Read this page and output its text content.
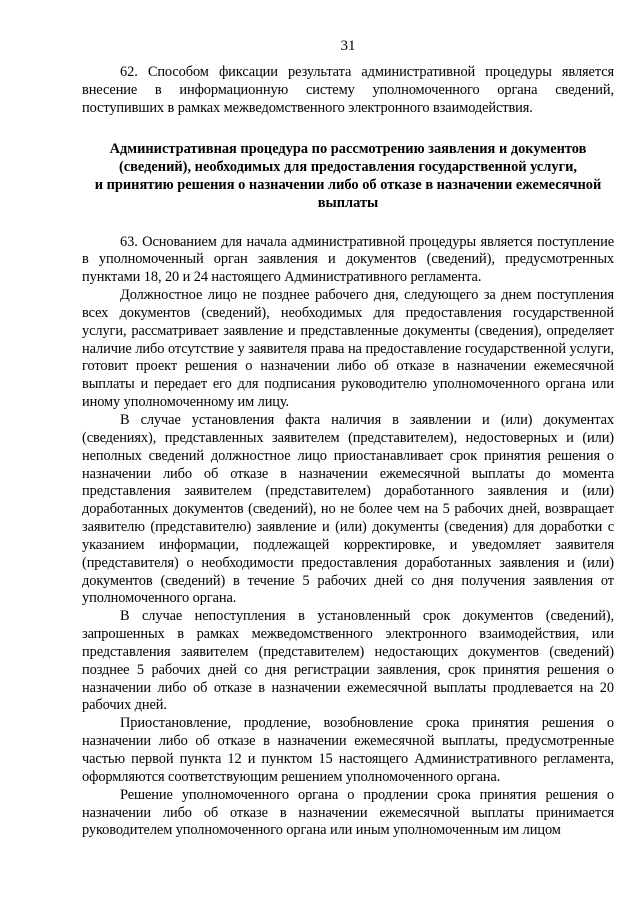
31

62. Способом фиксации результата административной процедуры является внесение в информационную систему уполномоченного органа сведений, поступивших в рамках межведомственного электронного взаимодействия.

Административная процедура по рассмотрению заявления и документов
(сведений), необходимых для предоставления государственной услуги,
и принятию решения о назначении либо об отказе в назначении ежемесячной
выплаты

63. Основанием для начала административной процедуры является поступление в уполномоченный орган заявления и документов (сведений), предусмотренных пунктами 18, 20 и 24 настоящего Административного регламента.

Должностное лицо не позднее рабочего дня, следующего за днем поступления всех документов (сведений), необходимых для предоставления государственной услуги, рассматривает заявление и представленные документы (сведения), определяет наличие либо отсутствие у заявителя права на предоставление государственной услуги, готовит проект решения о назначении либо об отказе в назначении ежемесячной выплаты и передает его для подписания руководителю уполномоченного органа или иному уполномоченному им лицу.

В случае установления факта наличия в заявлении и (или) документах (сведениях), представленных заявителем (представителем), недостоверных и (или) неполных сведений должностное лицо приостанавливает срок принятия решения о назначении либо об отказе в назначении ежемесячной выплаты до момента представления заявителем (представителем) доработанного заявления и (или) доработанных документов (сведений), но не более чем на 5 рабочих дней, возвращает заявителю (представителю) заявление и (или) документы (сведения) для доработки с указанием информации, подлежащей корректировке, и уведомляет заявителя (представителя) о необходимости предоставления доработанных заявления и (или) документов (сведений) в течение 5 рабочих дней со дня получения заявления от уполномоченного органа.

В случае непоступления в установленный срок документов (сведений), запрошенных в рамках межведомственного электронного взаимодействия, или представления заявителем (представителем) недостающих документов (сведений) позднее 5 рабочих дней со дня регистрации заявления, срок принятия решения о назначении либо об отказе в назначении ежемесячной выплаты продлевается на 20 рабочих дней.

Приостановление, продление, возобновление срока принятия решения о назначении либо об отказе в назначении ежемесячной выплаты, предусмотренные частью первой пункта 12 и пунктом 15 настоящего Административного регламента, оформляются соответствующим решением уполномоченного органа.

Решение уполномоченного органа о продлении срока принятия решения о назначении либо об отказе в назначении ежемесячной выплаты принимается руководителем уполномоченного органа или иным уполномоченным им лицом
